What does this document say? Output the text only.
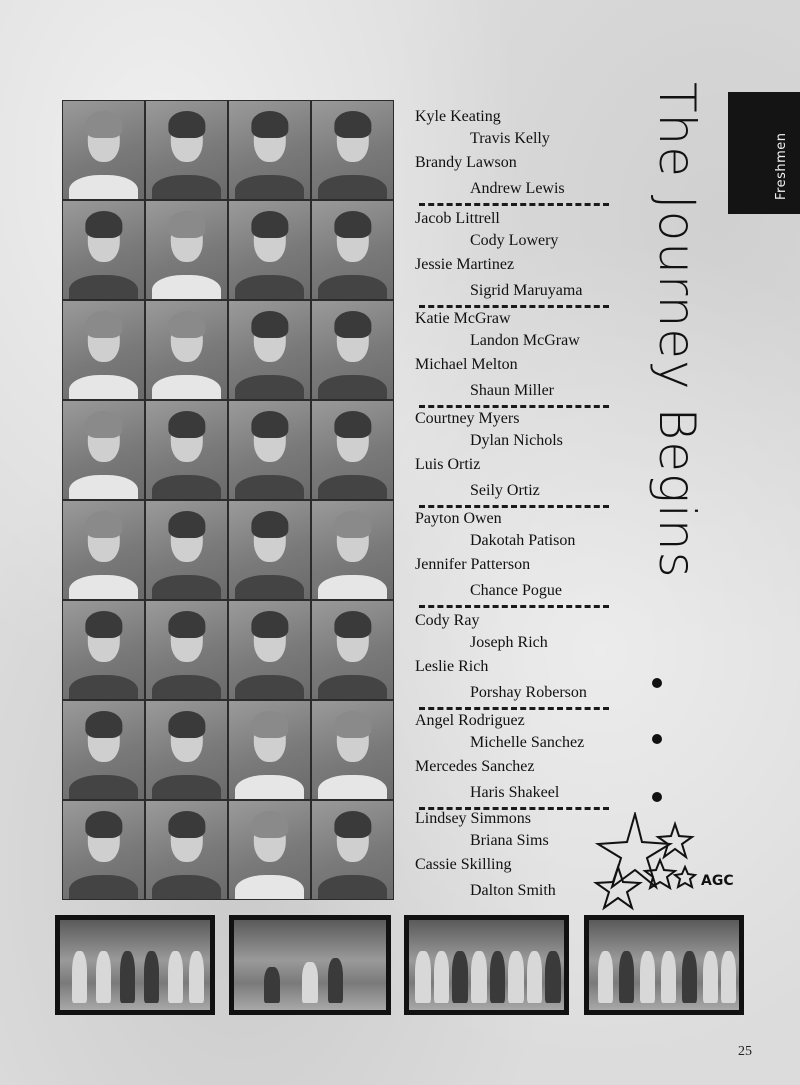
Kyle Keating
Travis Kelly
Brandy Lawson
Andrew Lewis
Jacob Littrell
Cody Lowery
Jessie Martinez
Sigrid Maruyama
Katie McGraw
Landon McGraw
Michael Melton
Shaun Miller
Courtney Myers
Dylan Nichols
Luis Ortiz
Seily Ortiz
Payton Owen
Dakotah Patison
Jennifer Patterson
Chance Pogue
Cody Ray
Joseph Rich
Leslie Rich
Porshay Roberson
Angel Rodriguez
Michelle Sanchez
Mercedes Sanchez
Haris Shakeel
Lindsey Simmons
Briana Sims
Cassie Skilling
Dalton Smith
The Journey Begins	Freshmen
AGC
25
